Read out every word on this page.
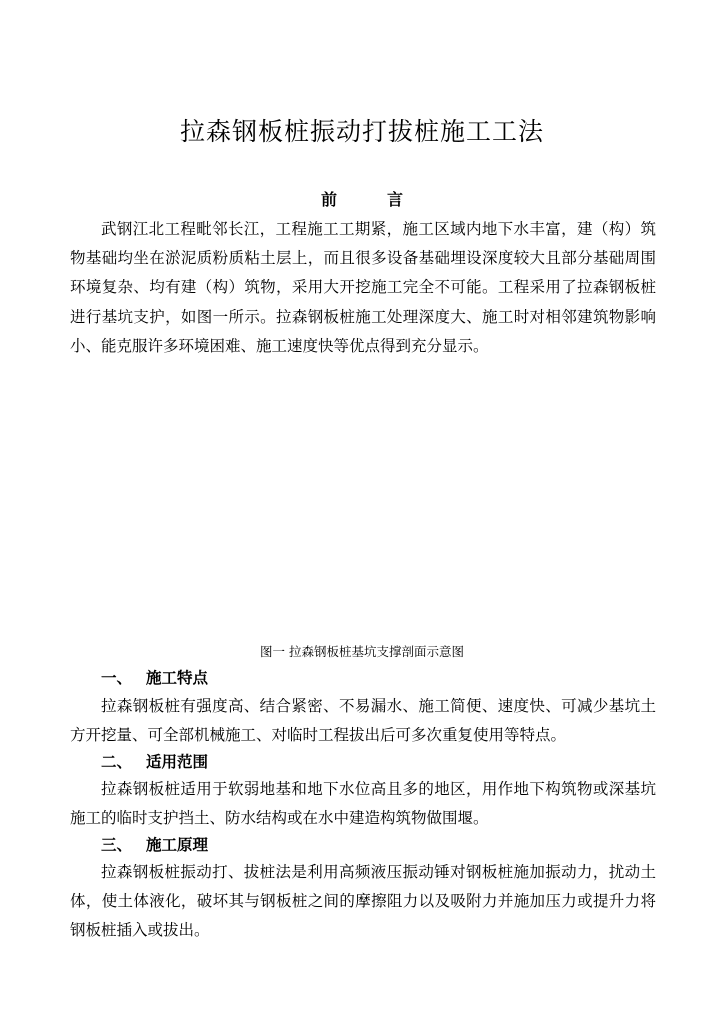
拉森钢板桩振动打拔桩施工工法
前	言

武钢江北工程毗邻长江，工程施工工期紧，施工区域内地下水丰富，建（构）筑物基础均坐在淤泥质粉质粘土层上，而且很多设备基础埋设深度较大且部分基础周围环境复杂、均有建（构）筑物，采用大开挖施工完全不可能。工程采用了拉森钢板桩进行基坑支护，如图一所示。拉森钢板桩施工处理深度大、施工时对相邻建筑物影响小、能克服许多环境困难、施工速度快等优点得到充分显示。

图一 拉森钢板桩基坑支撑剖面示意图
一、 施工特点

拉森钢板桩有强度高、结合紧密、不易漏水、施工简便、速度快、可减少基坑土方开挖量、可全部机械施工、对临时工程拔出后可多次重复使用等特点。

二、 适用范围

拉森钢板桩适用于软弱地基和地下水位高且多的地区，用作地下构筑物或深基坑施工的临时支护挡土、防水结构或在水中建造构筑物做围堰。

三、 施工原理

拉森钢板桩振动打、拔桩法是利用高频液压振动锤对钢板桩施加振动力，扰动土体，使土体液化，破坏其与钢板桩之间的摩擦阻力以及吸附力并施加压力或提升力将钢板桩插入或拔出。
